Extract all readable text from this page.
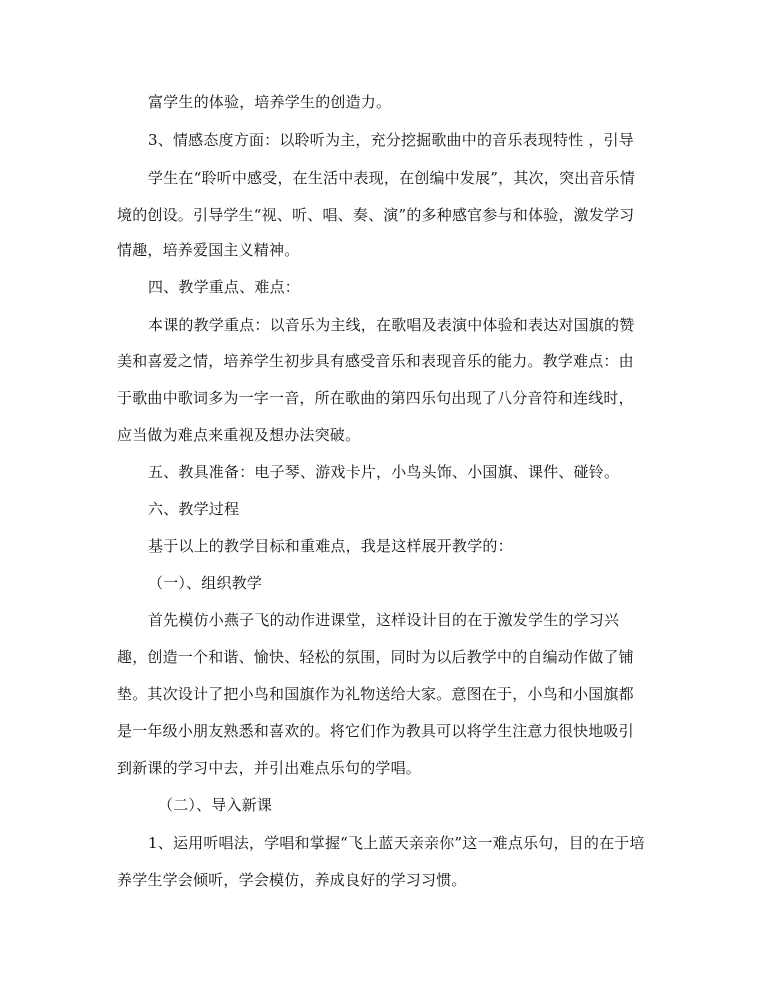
富学生的体验，培养学生的创造力。
3、情感态度方面：以聆听为主，充分挖掘歌曲中的音乐表现特性 ，引导
学生在“聆听中感受，在生活中表现，在创编中发展”，其次，突出音乐情
境的创设。引导学生“视、听、唱、奏、演”的多种感官参与和体验，激发学习
情趣，培养爱国主义精神。
四、教学重点、难点：
本课的教学重点：以音乐为主线，在歌唱及表演中体验和表达对国旗的赞
美和喜爱之情，培养学生初步具有感受音乐和表现音乐的能力。教学难点：由
于歌曲中歌词多为一字一音，所在歌曲的第四乐句出现了八分音符和连线时，
应当做为难点来重视及想办法突破。
五、教具准备：电子琴、游戏卡片，小鸟头饰、小国旗、课件、碰铃。
六、教学过程
基于以上的教学目标和重难点，我是这样展开教学的：
（一）、组织教学
首先模仿小燕子飞的动作进课堂，这样设计目的在于激发学生的学习兴
趣，创造一个和谐、愉快、轻松的氛围，同时为以后教学中的自编动作做了铺
垫。其次设计了把小鸟和国旗作为礼物送给大家。意图在于，小鸟和小国旗都
是一年级小朋友熟悉和喜欢的。将它们作为教具可以将学生注意力很快地吸引
到新课的学习中去，并引出难点乐句的学唱。
（二）、导入新课
1、运用听唱法，学唱和掌握“飞上蓝天亲亲你”这一难点乐句，目的在于培
养学生学会倾听，学会模仿，养成良好的学习习惯。
